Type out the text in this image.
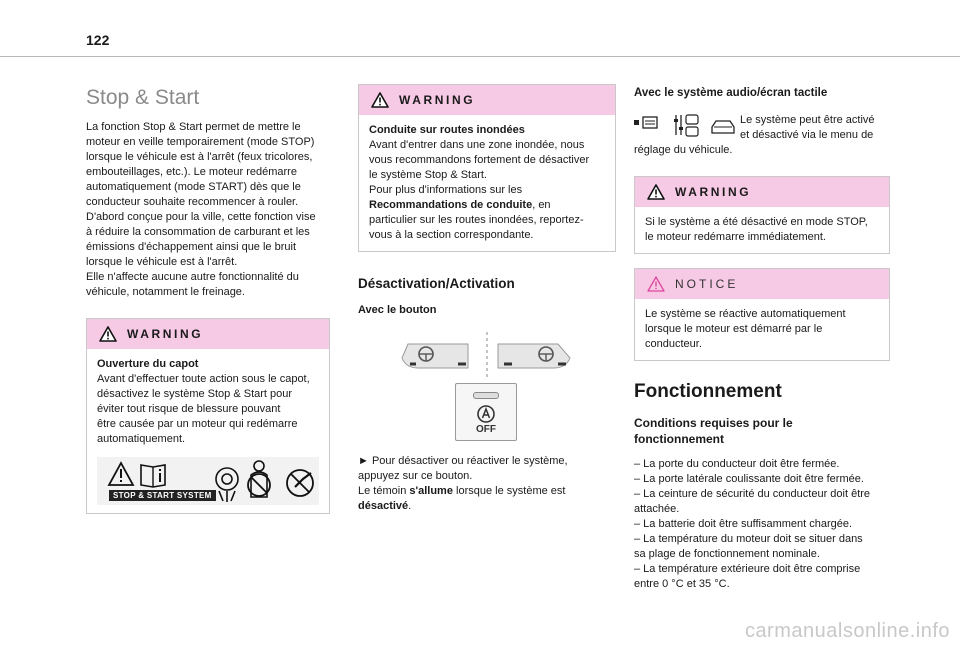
122
Stop & Start

La fonction Stop & Start permet de mettre le
moteur en veille temporairement (mode STOP)
lorsque le véhicule est à l'arrêt (feux tricolores,
embouteillages, etc.). Le moteur redémarre
automatiquement (mode START) dès que le
conducteur souhaite recommencer à rouler.
D'abord conçue pour la ville, cette fonction vise
à réduire la consommation de carburant et les
émissions d'échappement ainsi que le bruit
lorsque le véhicule est à l'arrêt.
Elle n'affecte aucune autre fonctionnalité du
véhicule, notamment le freinage.

WARNING

Ouverture du capot

Avant d'effectuer toute action sous le capot,
désactivez le système Stop & Start pour
éviter tout risque de blessure pouvant
être causée par un moteur qui redémarre
automatiquement.

STOP & START SYSTEM
WARNING

Conduite sur routes inondées

Avant d'entrer dans une zone inondée, nous
vous recommandons fortement de désactiver
le système Stop & Start.
Pour plus d'informations sur les
Recommandations de conduite, en
particulier sur les routes inondées, reportez-
vous à la section correspondante.

Désactivation/Activation
Avec le bouton
OFF

► Pour désactiver ou réactiver le système,
appuyez sur ce bouton.
Le témoin s'allume lorsque le système est
désactivé.

Avec le système audio/écran tactile

Le système peut être activé

et désactivé via le menu de

réglage du véhicule.

WARNING

Si le système a été désactivé en mode STOP,
le moteur redémarre immédiatement.

NOTICE

Le système se réactive automatiquement
lorsque le moteur est démarré par le
conducteur.

Fonctionnement
Conditions requises pour le
fonctionnement

– La porte du conducteur doit être fermée.
– La porte latérale coulissante doit être fermée.
– La ceinture de sécurité du conducteur doit être
attachée.
– La batterie doit être suffisamment chargée.
– La température du moteur doit se situer dans
sa plage de fonctionnement nominale.
– La température extérieure doit être comprise
entre 0 °C et 35 °C.

carmanualsonline.info
